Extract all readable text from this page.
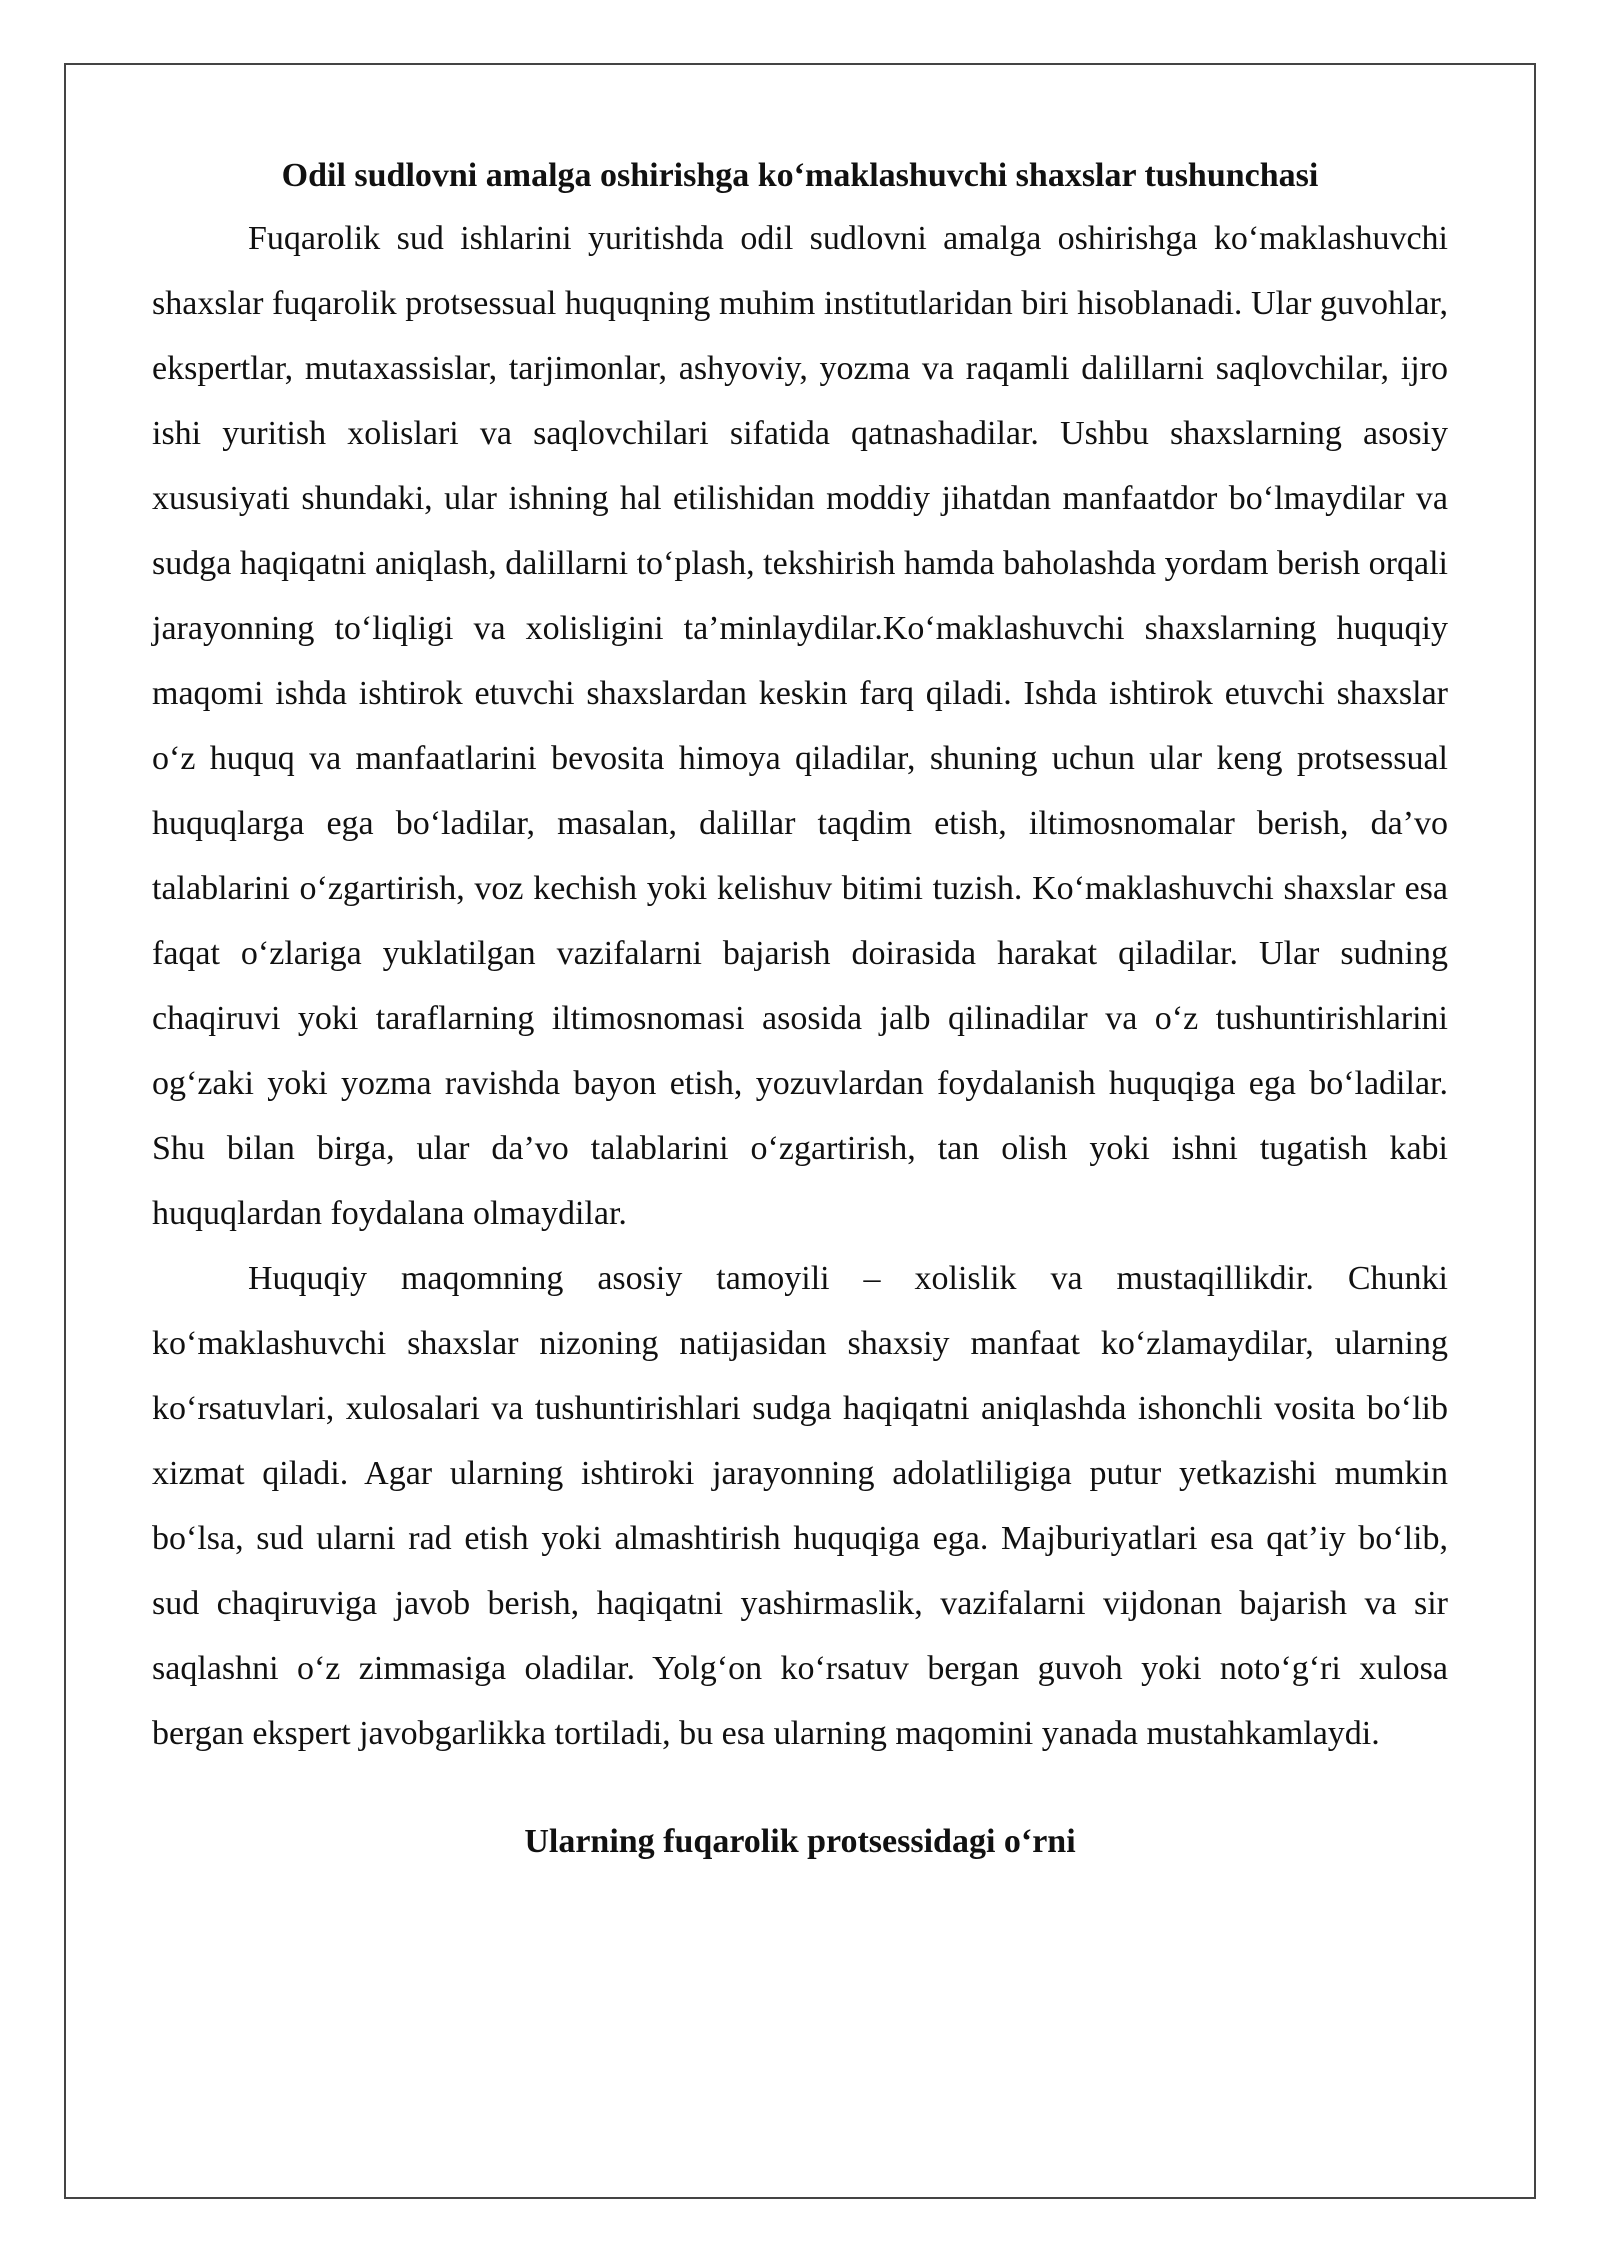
Odil sudlovni amalga oshirishga ko‘maklashuvchi shaxslar tushunchasi

Fuqarolik sud ishlarini yuritishda odil sudlovni amalga oshirishga ko‘maklashuvchi shaxslar fuqarolik protsessual huquqning muhim institutlaridan biri hisoblanadi. Ular guvohlar, ekspertlar, mutaxassislar, tarjimonlar, ashyoviy, yozma va raqamli dalillarni saqlovchilar, ijro ishi yuritish xolislari va saqlovchilari sifatida qatnashadilar. Ushbu shaxslarning asosiy xususiyati shundaki, ular ishning hal etilishidan moddiy jihatdan manfaatdor bo‘lmaydilar va sudga haqiqatni aniqlash, dalillarni to‘plash, tekshirish hamda baholashda yordam berish orqali jarayonning to‘liqligi va xolisligini ta’minlaydilar.Ko‘maklashuvchi shaxslarning huquqiy maqomi ishda ishtirok etuvchi shaxslardan keskin farq qiladi. Ishda ishtirok etuvchi shaxslar o‘z huquq va manfaatlarini bevosita himoya qiladilar, shuning uchun ular keng protsessual huquqlarga ega bo‘ladilar, masalan, dalillar taqdim etish, iltimosnomalar berish, da’vo talablarini o‘zgartirish, voz kechish yoki kelishuv bitimi tuzish. Ko‘maklashuvchi shaxslar esa faqat o‘zlariga yuklatilgan vazifalarni bajarish doirasida harakat qiladilar. Ular sudning chaqiruvi yoki taraflarning iltimosnomasi asosida jalb qilinadilar va o‘z tushuntirishlarini og‘zaki yoki yozma ravishda bayon etish, yozuvlardan foydalanish huquqiga ega bo‘ladilar. Shu bilan birga, ular da’vo talablarini o‘zgartirish, tan olish yoki ishni tugatish kabi huquqlardan foydalana olmaydilar.

Huquqiy maqomning asosiy tamoyili – xolislik va mustaqillikdir. Chunki ko‘maklashuvchi shaxslar nizoning natijasidan shaxsiy manfaat ko‘zlamaydilar, ularning ko‘rsatuvlari, xulosalari va tushuntirishlari sudga haqiqatni aniqlashda ishonchli vosita bo‘lib xizmat qiladi. Agar ularning ishtiroki jarayonning adolatliligiga putur yetkazishi mumkin bo‘lsa, sud ularni rad etish yoki almashtirish huquqiga ega. Majburiyatlari esa qat’iy bo‘lib, sud chaqiruviga javob berish, haqiqatni yashirmaslik, vazifalarni vijdonan bajarish va sir saqlashni o‘z zimmasiga oladilar. Yolg‘on ko‘rsatuv bergan guvoh yoki noto‘g‘ri xulosa bergan ekspert javobgarlikka tortiladi, bu esa ularning maqomini yanada mustahkamlaydi.

Ularning fuqarolik protsessidagi o‘rni
